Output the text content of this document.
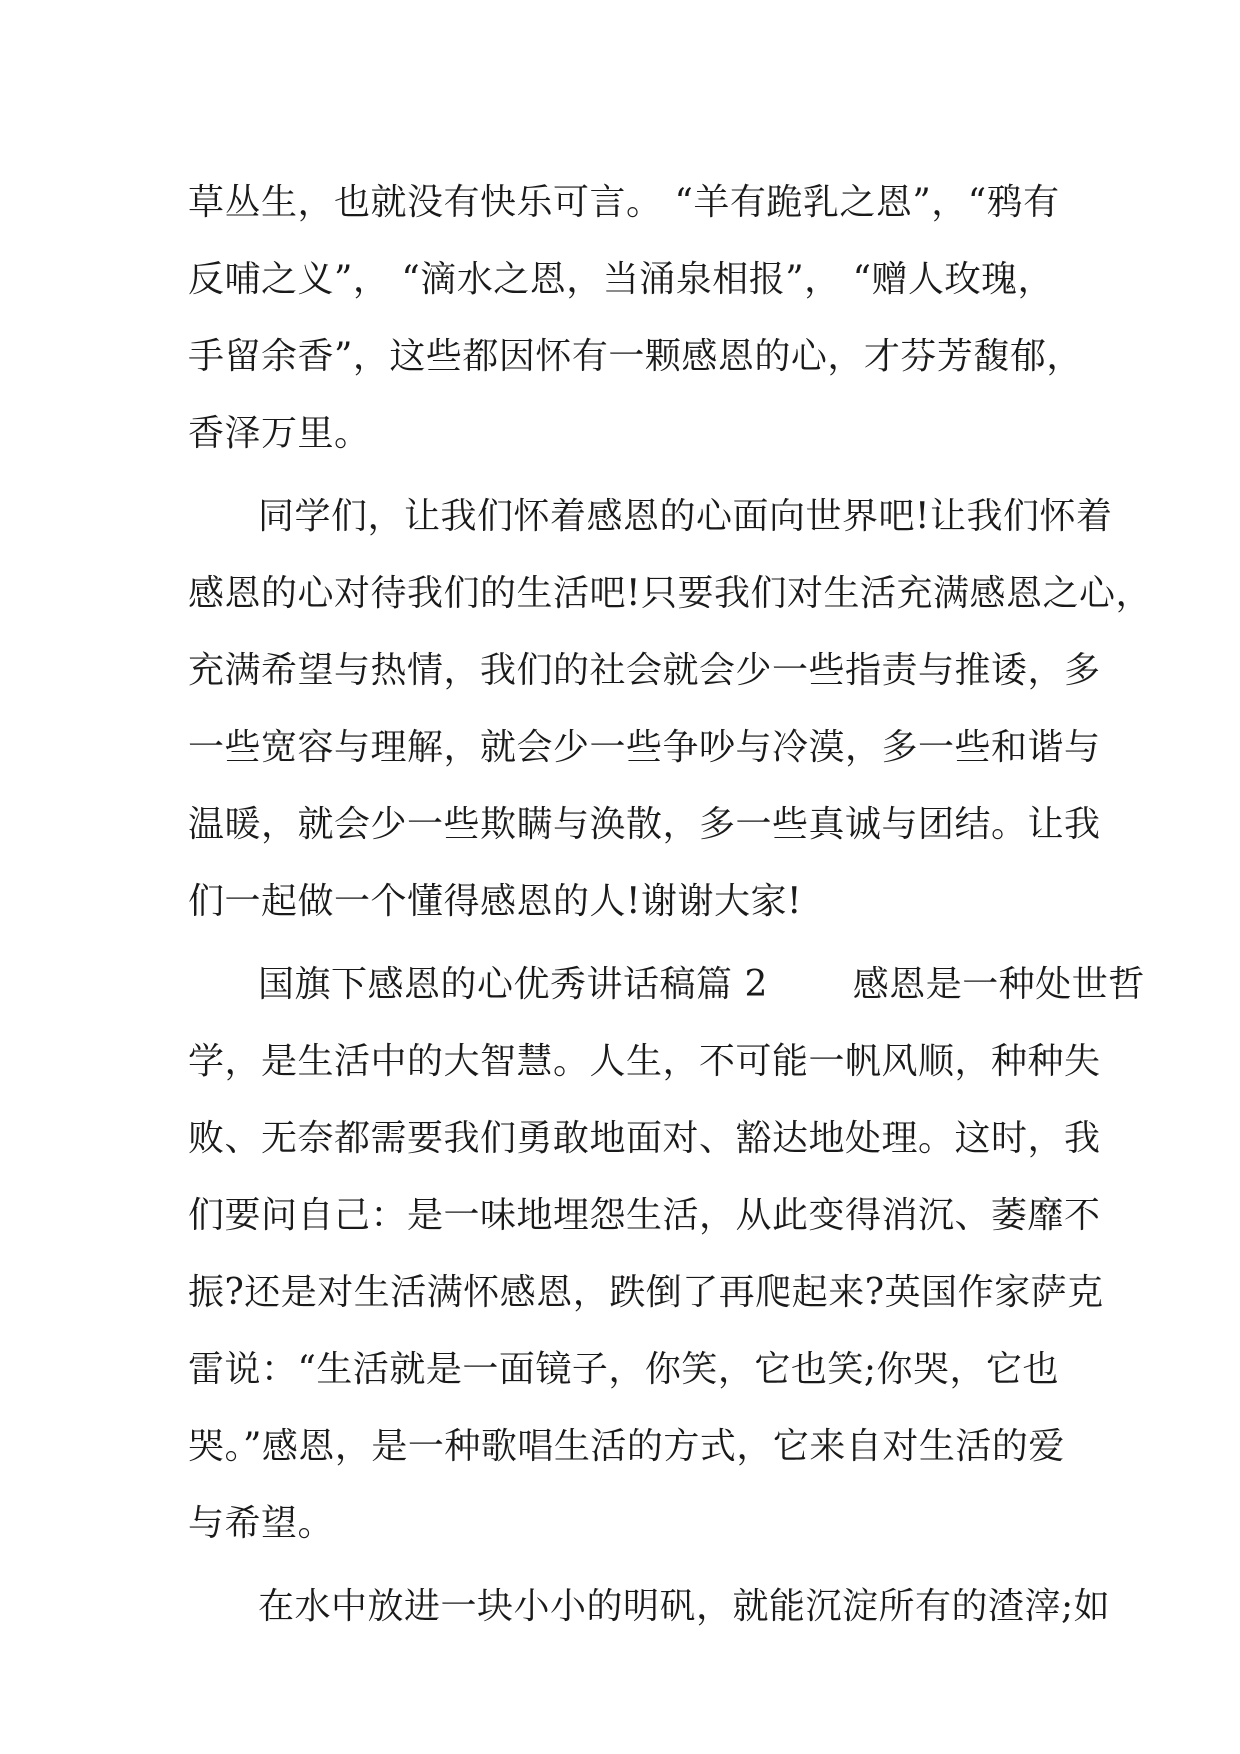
草丛生，也就没有快乐可言。 “羊有跪乳之恩”，“鸦有
反哺之义”， “滴水之恩，当涌泉相报”， “赠人玫瑰，
手留余香”，这些都因怀有一颗感恩的心，才芬芳馥郁，
香泽万里。
同学们，让我们怀着感恩的心面向世界吧!让我们怀着
感恩的心对待我们的生活吧!只要我们对生活充满感恩之心，
充满希望与热情，我们的社会就会少一些指责与推诿，多
一些宽容与理解，就会少一些争吵与冷漠，多一些和谐与
温暖，就会少一些欺瞒与涣散，多一些真诚与团结。让我
们一起做一个懂得感恩的人!谢谢大家!
国旗下感恩的心优秀讲话稿篇 2 　　感恩是一种处世哲
学，是生活中的大智慧。人生，不可能一帆风顺，种种失
败、无奈都需要我们勇敢地面对、豁达地处理。这时，我
们要问自己：是一味地埋怨生活，从此变得消沉、萎靡不
振?还是对生活满怀感恩，跌倒了再爬起来?英国作家萨克
雷说：“生活就是一面镜子，你笑，它也笑;你哭，它也
哭。”感恩，是一种歌唱生活的方式，它来自对生活的爱
与希望。
在水中放进一块小小的明矾，就能沉淀所有的渣滓;如
